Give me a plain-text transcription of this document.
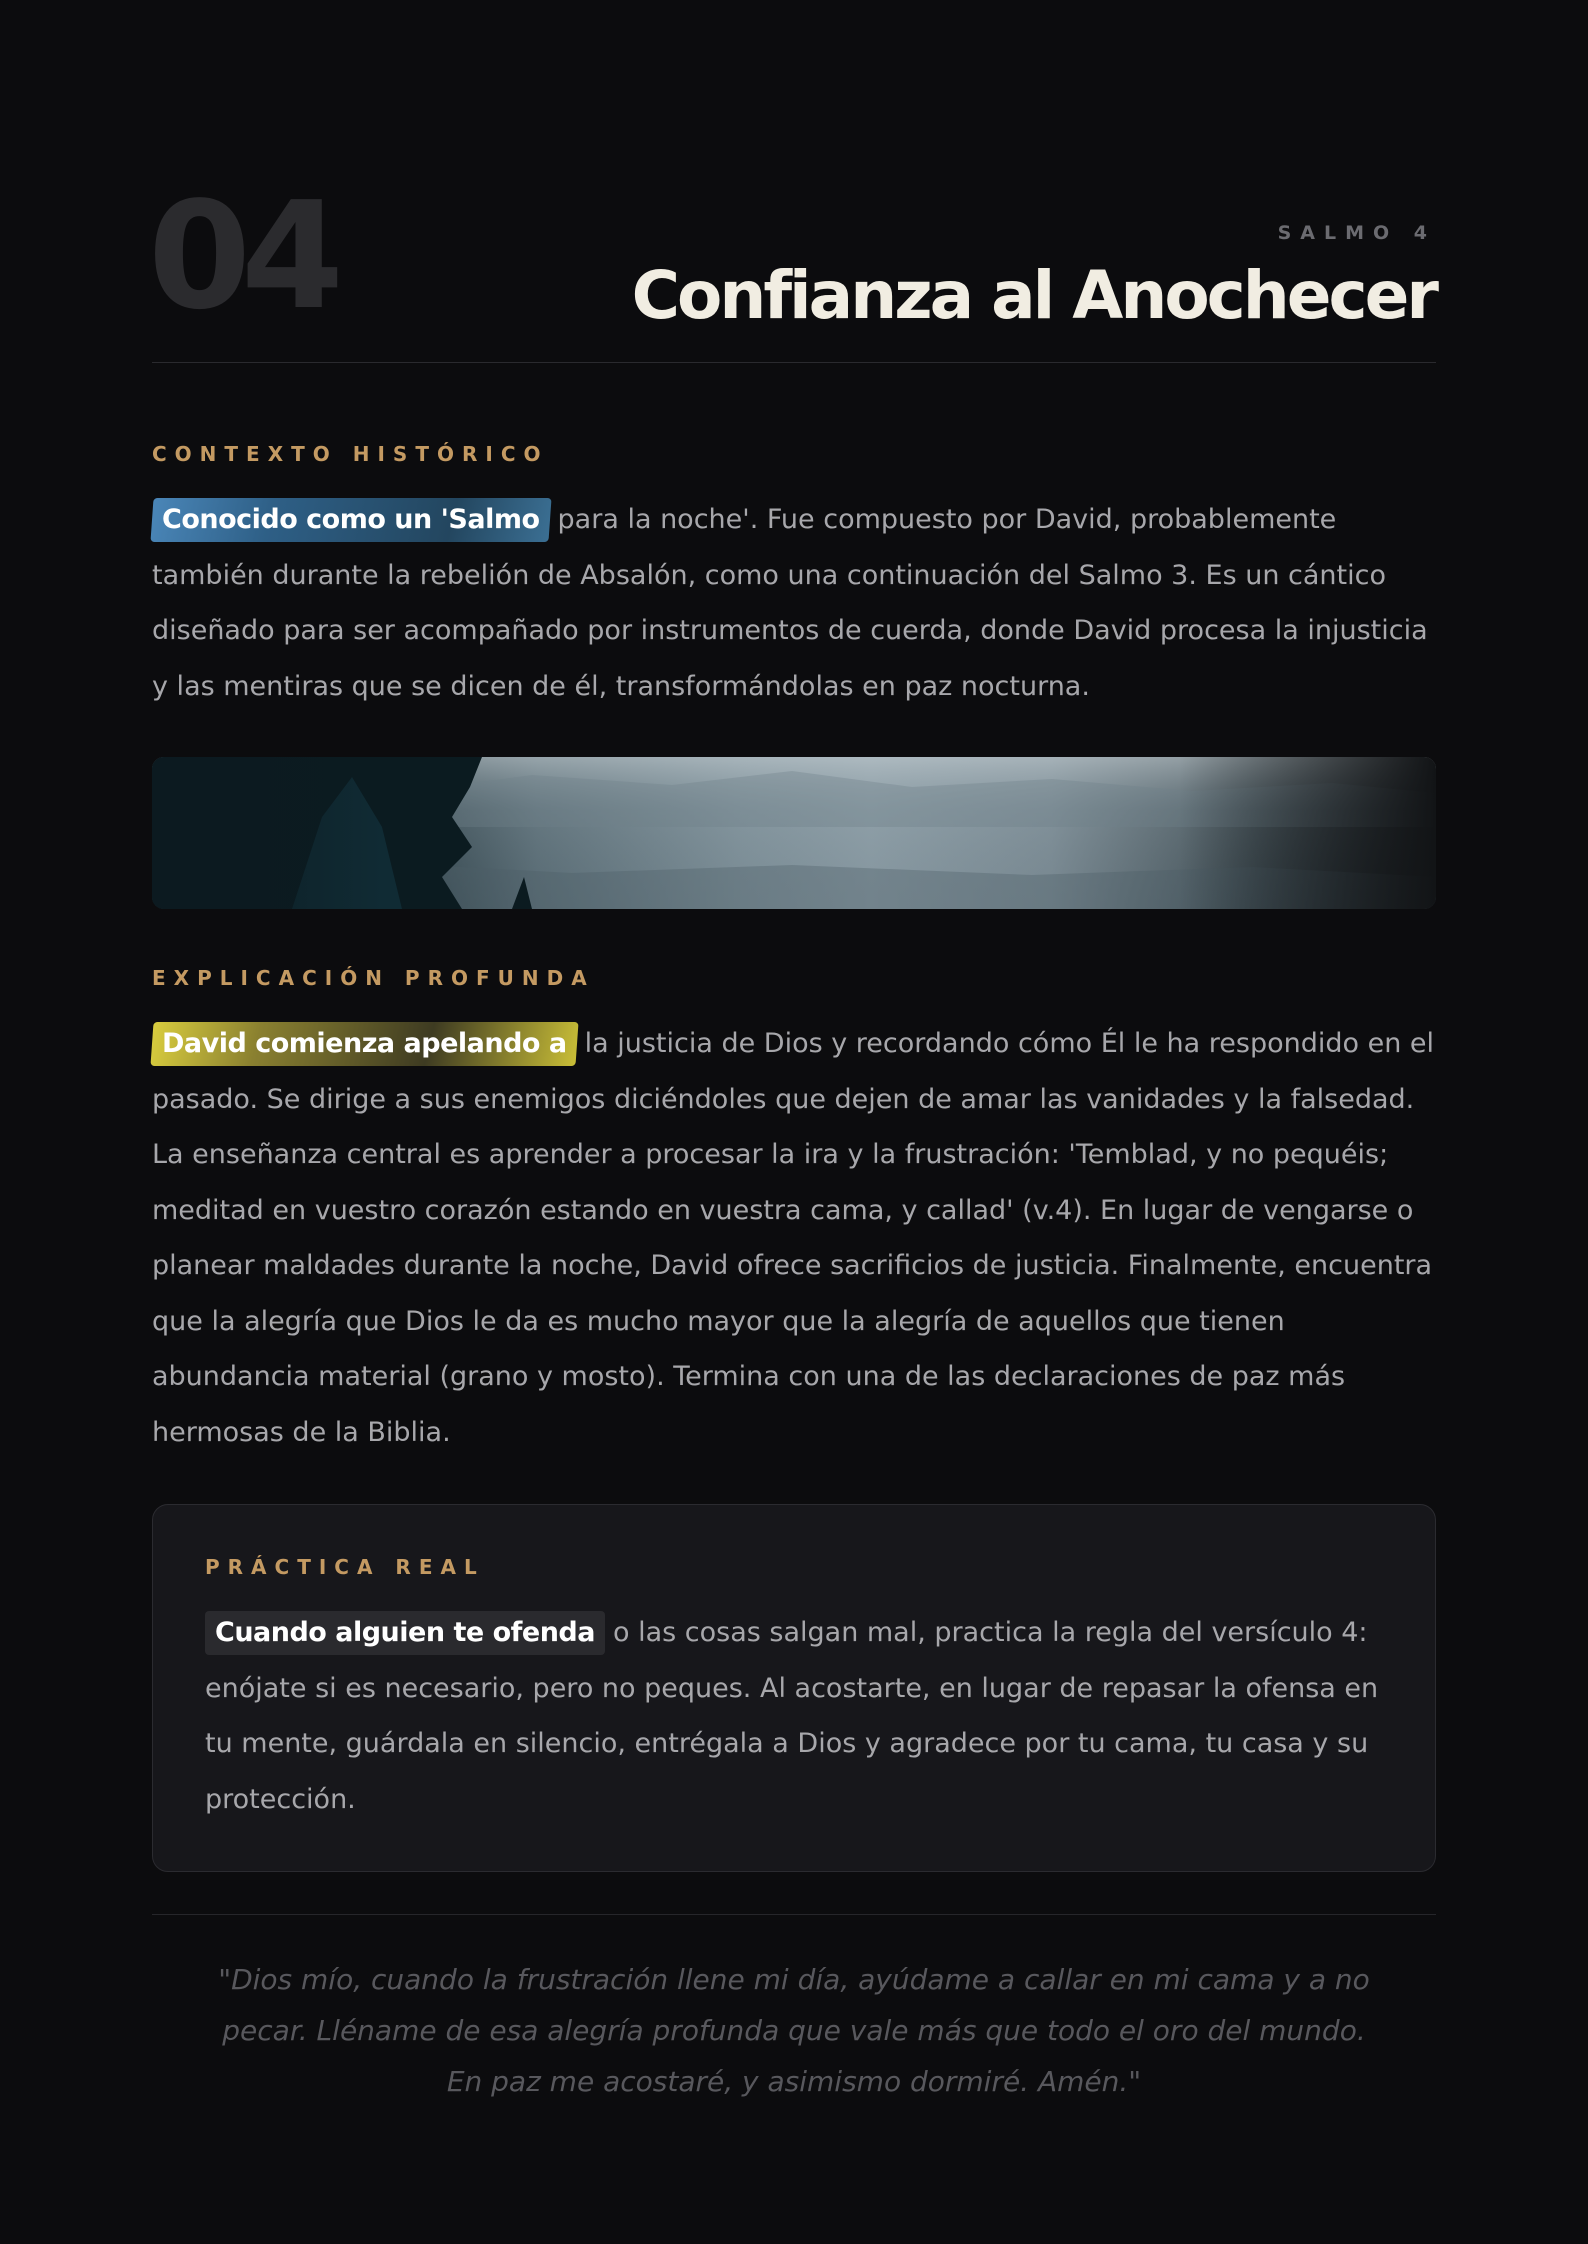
04	SALMO 4
Confianza al Anochecer
CONTEXTO HISTÓRICO

Conocido como un 'Salmo para la noche'. Fue compuesto por David, probablemente también durante la rebelión de Absalón, como una continuación del Salmo 3. Es un cántico diseñado para ser acompañado por instrumentos de cuerda, donde David procesa la injusticia y las mentiras que se dicen de él, transformándolas en paz nocturna.

EXPLICACIÓN PROFUNDA

David comienza apelando a la justicia de Dios y recordando cómo Él le ha respondido en el pasado. Se dirige a sus enemigos diciéndoles que dejen de amar las vanidades y la falsedad. La enseñanza central es aprender a procesar la ira y la frustración: 'Temblad, y no pequéis; meditad en vuestro corazón estando en vuestra cama, y callad' (v.4). En lugar de vengarse o planear maldades durante la noche, David ofrece sacrificios de justicia. Finalmente, encuentra que la alegría que Dios le da es mucho mayor que la alegría de aquellos que tienen abundancia material (grano y mosto). Termina con una de las declaraciones de paz más hermosas de la Biblia.

PRÁCTICA REAL

Cuando alguien te ofenda o las cosas salgan mal, practica la regla del versículo 4: enójate si es necesario, pero no peques. Al acostarte, en lugar de repasar la ofensa en tu mente, guárdala en silencio, entrégala a Dios y agradece por tu cama, tu casa y su protección.

"Dios mío, cuando la frustración llene mi día, ayúdame a callar en mi cama y a no pecar. Lléname de esa alegría profunda que vale más que todo el oro del mundo. En paz me acostaré, y asimismo dormiré. Amén."
